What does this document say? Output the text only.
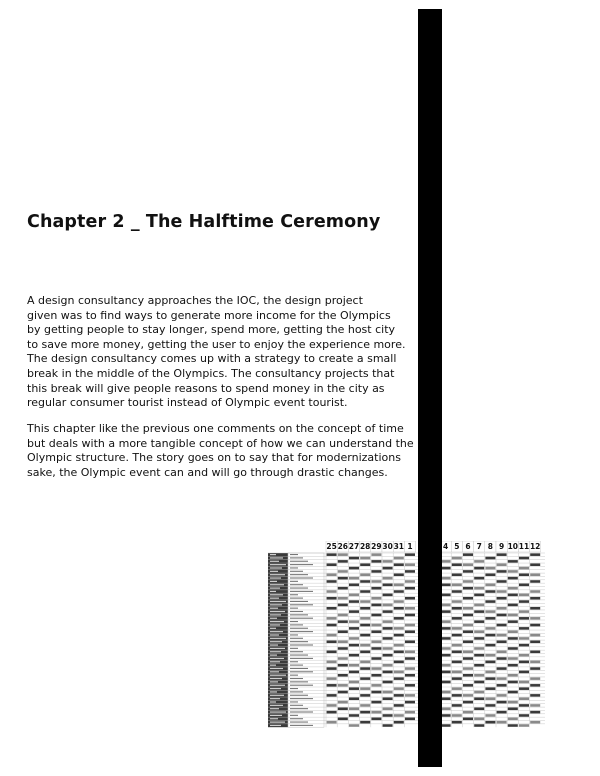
Chapter 2 _ The Halftime Ceremony
A design consultancy approaches the IOC, the design project
given was to find ways to generate more income for the Olympics
by getting people to stay longer, spend more, getting the host city
to save more money, getting the user to enjoy the experience more.
The design consultancy comes up with a strategy to create a small
break in the middle of the Olympics. The consultancy projects that
this break will give people reasons to spend money in the city as
regular consumer tourist instead of Olympic event tourist.
This chapter like the previous one comments on the concept of time
but deals with a more tangible concept of how we can understand the
Olympic structure. The story goes on to say that for modernizations
sake, the Olympic event can and will go through drastic changes.
25 26 27 28 29 30 31 1	4 5 6 7 8 9 10 11 12
